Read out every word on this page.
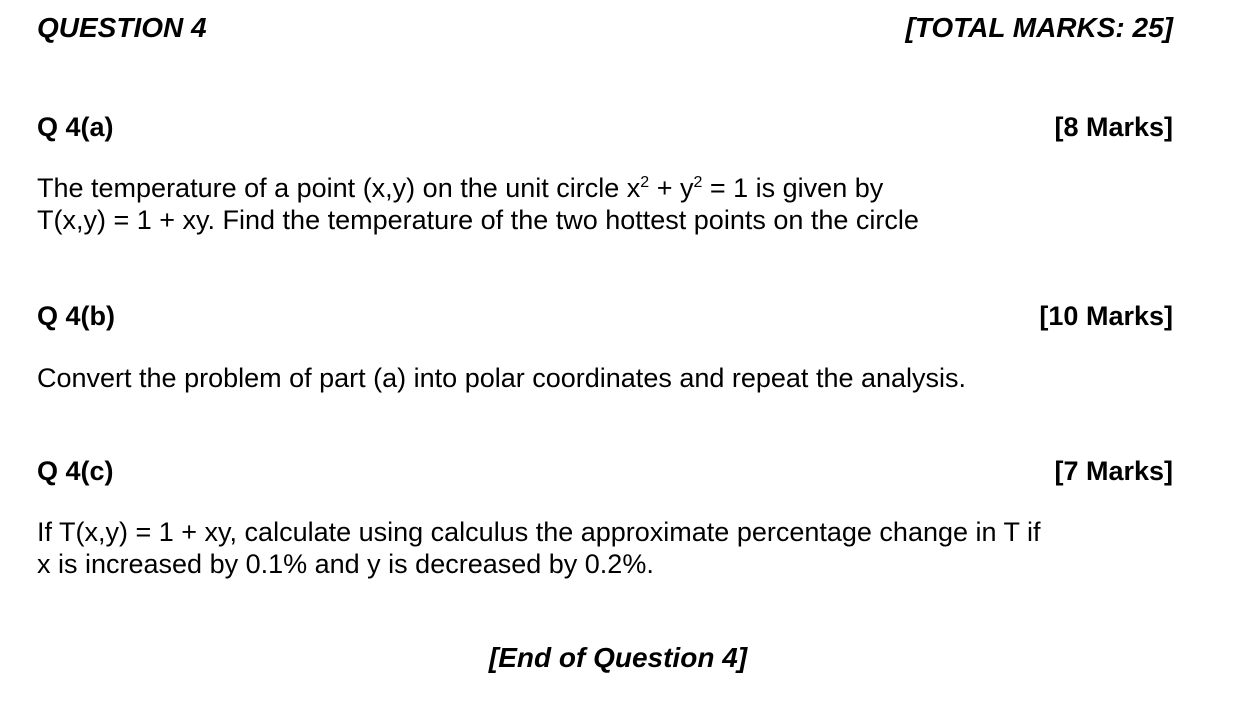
QUESTION 4	[TOTAL MARKS: 25]
Q 4(a)	[8 Marks]
The temperature of a point (x,y) on the unit circle $x^2 + y^2 = 1$ is given by
T(x,y) = 1 + xy. Find the temperature of the two hottest points on the circle
Q 4(b)	[10 Marks]
Convert the problem of part (a) into polar coordinates and repeat the analysis.
Q 4(c)	[7 Marks]
If T(x,y) = 1 + xy, calculate using calculus the approximate percentage change in T if
x is increased by 0.1% and y is decreased by 0.2%.
[End of Question 4]
